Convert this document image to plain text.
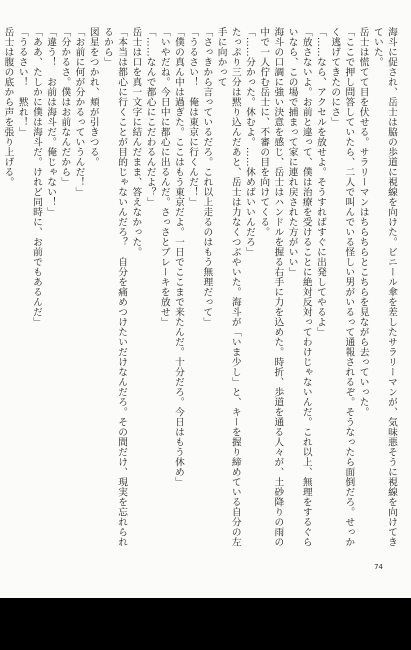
海斗に促され、岳士は脇の歩道に視線を向けた。ビニール傘を差したサラリーマンが、気味悪そうに視線を向けてきていた。

岳士は慌てて目を伏せる。サラリーマンはちらちらとこちらを見ながら去っていった。

「ここで押し問答していたら、二人で叫んでいる怪しい男がいるって通報されるぞ。そうなったら面倒だろ。せっかく逃げてきたのにさ」

「……なら、アクセルを放せよ。そうすればすぐに出発してやるよ」

「放さないよ。お前と違って、僕は治療を受けることに絶対反対ってわけじゃないんだ。これ以上、無理をするぐらいなら、この場で捕まって家に連れ戻された方がいい」

海斗の口調に強い決意を感じ、岳士はハンドルを握る右手に力を込めた。時折、歩道を通る人々が、土砂降りの雨の中で一人佇む岳士に、不審の目を向けてくる。

「……分かった。休むよ。……休めばいいんだろ」

たっぷり三分は黙り込んだあと、岳士は力なくつぶやいた。海斗が「いま少し」と、キーを握り締めている自分の左手に向かって

「さっきから言っているだろ。これ以上走るのはもう無理だって」

「うるさい！　俺は東京に行くんだ！」

「僕の真ん中は過ぎた。ここはもう東京だよ。一日でここまで来たんだ。十分だろ。今日はもう休め」

「いやだね。今日中に都心に出るんだ。さっさとブレーキを放せ」

「……なんで都心にこだわるんだよ？」

岳士は口を真一文字に結んだまま、答えなかった。

「本当は都心に行くことが目的じゃないんだろ？　自分を痛めつけたいだけなんだろ。その間だけ、現実を忘れられるから」

図星をつかれ、頬が引きつる。

「お前に何が分かるっていうんだ！」

「分かるさ。僕はお前なんだから」

「違う！　お前は海斗だ。俺じゃない！」

「ああ、たしかに僕は海斗だ。けれど同時に、お前でもあるんだ」

「うるさい！　黙れ！」

岳士は腹の底から声を張り上げる。

74
